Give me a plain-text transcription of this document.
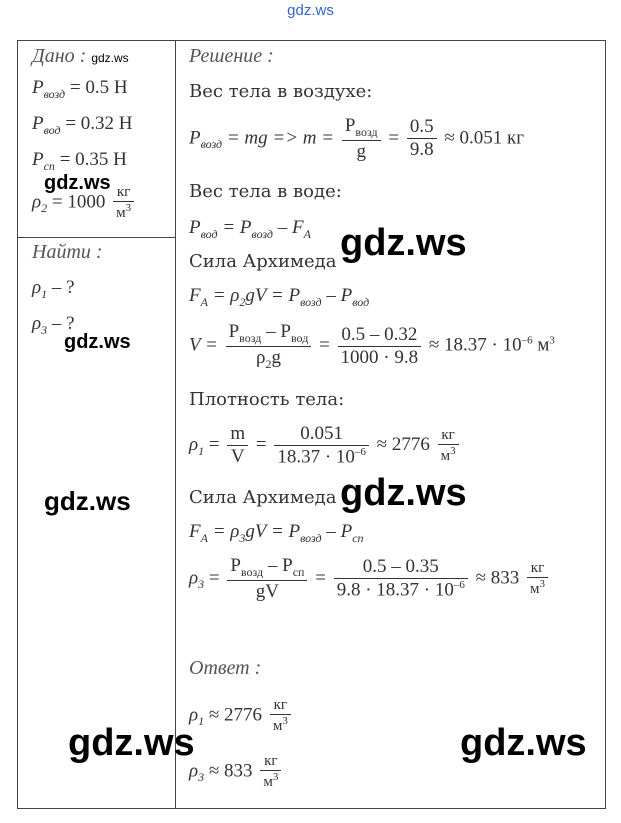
gdz.ws
Дано : gdz.ws
$P_{возд} = 0.5$ Н
$P_{вод} = 0.32$ Н
$P_{сп} = 0.35$ Н
$\rho_2 = 1000 \frac{кг}{м^3}$
Найти :
$\rho_1$ – ?
$\rho_3$ – ?
Решение :
Вес тела в воздухе:
$P_{возд}$ = mg => $m = \frac{P_{возд}}{g} = \frac{0.5}{9.8} \approx 0.051$ кг
Вес тела в воде:
$P_{вод} = P_{возд} - F_A$
Сила Архимеда
$F_A = \rho_2gV = P_{возд} - P_{вод}$
$V = \frac{P_{возд} - P_{вод}}{\rho_2g} = \frac{0.5 - 0.32}{1000 \cdot 9.8} \approx 18.37 \cdot 10^{-6}$ $м^3$
Плотность тела:
$\rho_1 = \frac{m}{V} = \frac{0.051}{18.37 \cdot 10^{-6}} \approx 2776 \frac{кг}{м^3}$
Сила Архимеда
$F_A = \rho_3gV = P_{возд} - P_{сп}$
$\rho_3 = \frac{P_{возд} - P_{сп}}{gV} = \frac{0.5 - 0.35}{9.8 \cdot 18.37 \cdot 10^{-6}} \approx 833 \frac{кг}{м^3}$
Ответ :
$\rho_1 \approx 2776 \frac{кг}{м^3}$
$\rho_3 \approx 833 \frac{кг}{м^3}$
gdz.ws
gdz.ws
gdz.ws
gdz.ws	gdz.ws
gdz.ws	gdz.ws
